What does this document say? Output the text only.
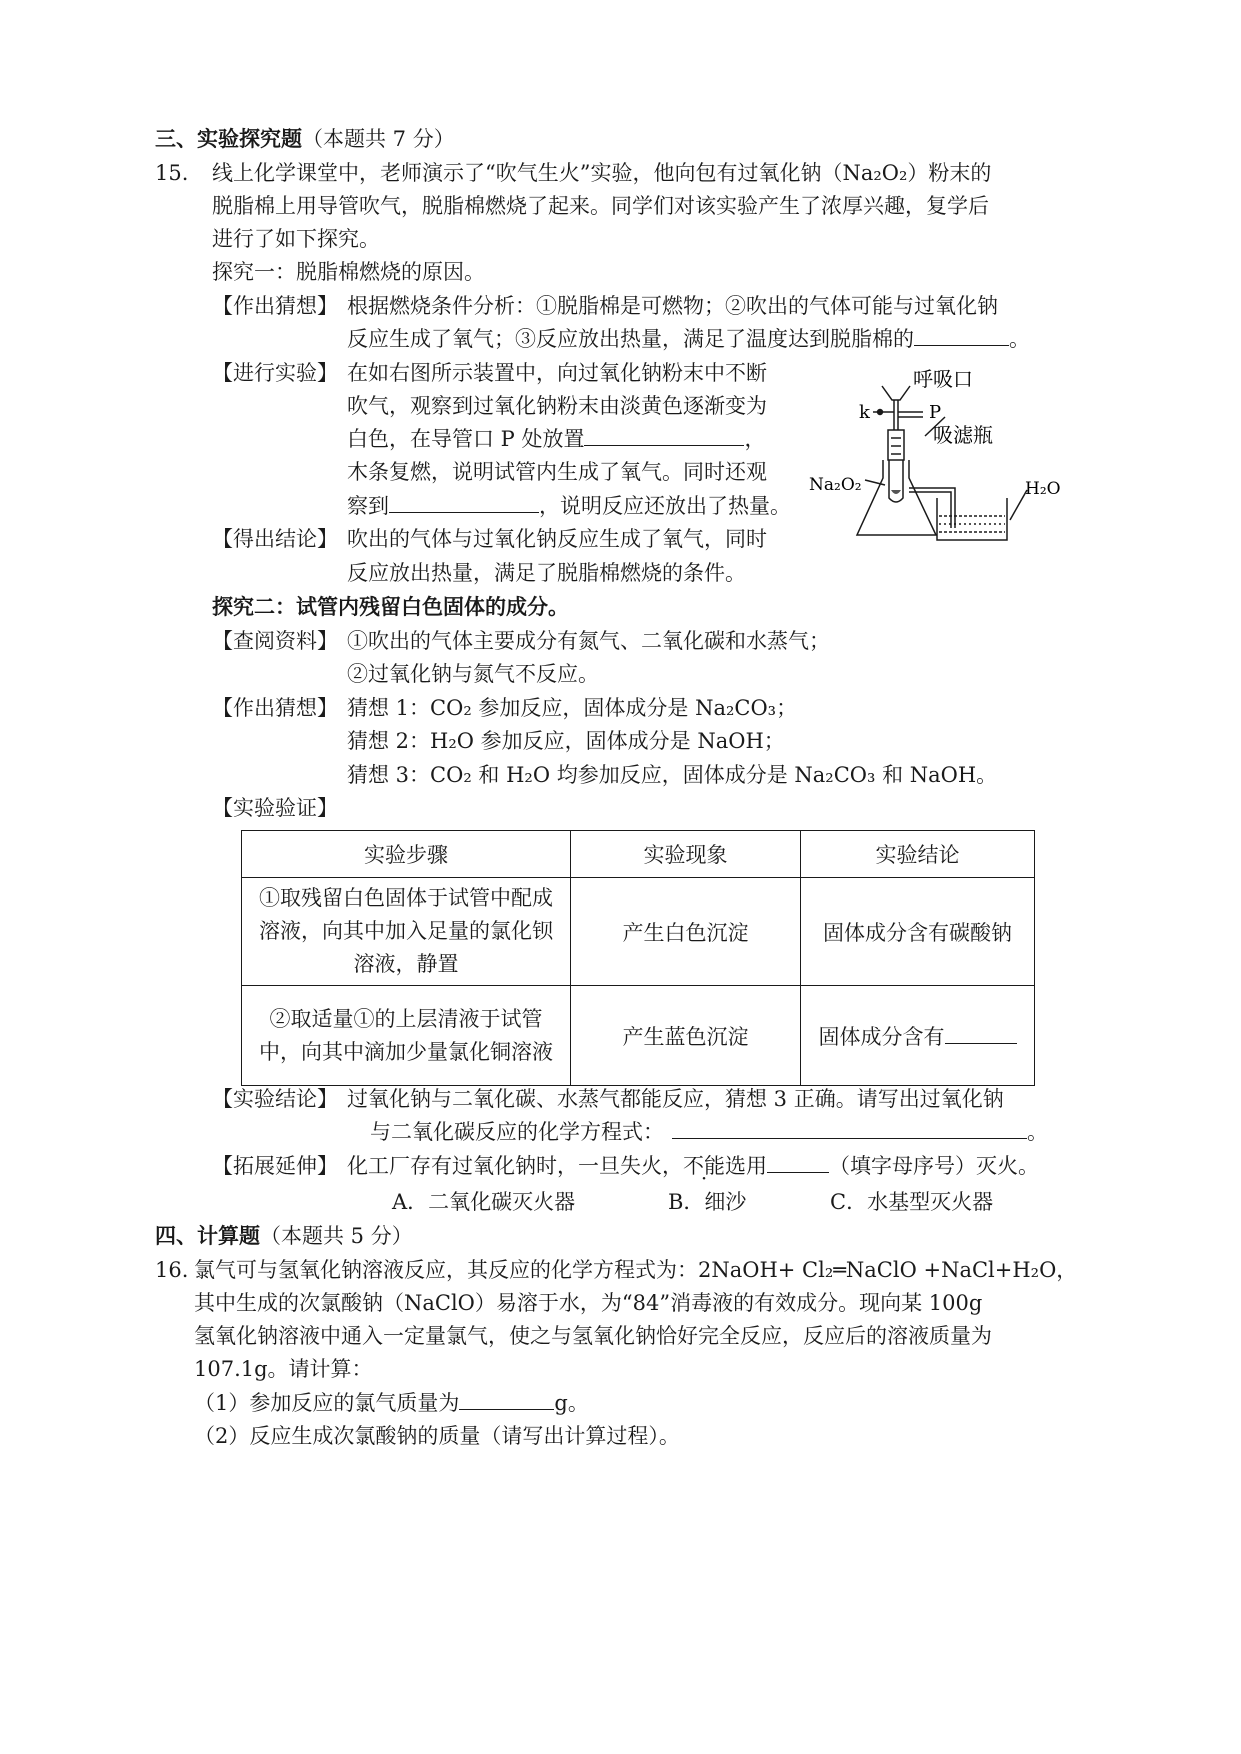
三、实验探究题（本题共 7 分）
15. 线上化学课堂中，老师演示了“吹气生火”实验，他向包有过氧化钠（Na₂O₂）粉末的
脱脂棉上用导管吹气，脱脂棉燃烧了起来。同学们对该实验产生了浓厚兴趣，复学后
进行了如下探究。
探究一：脱脂棉燃烧的原因。
【作出猜想】 根据燃烧条件分析：①脱脂棉是可燃物；②吹出的气体可能与过氧化钠
反应生成了氧气；③反应放出热量，满足了温度达到脱脂棉的	。
【进行实验】 在如右图所示装置中，向过氧化钠粉末中不断
吹气，观察到过氧化钠粉末由淡黄色逐渐变为
白色，在导管口 P 处放置	，
木条复燃，说明试管内生成了氧气。同时还观
察到	，说明反应还放出了热量。
【得出结论】 吹出的气体与过氧化钠反应生成了氧气，同时
反应放出热量，满足了脱脂棉燃烧的条件。
呼吸口
k	P
吸滤瓶
Na₂O₂	H₂O
探究二：试管内残留白色固体的成分。
【查阅资料】 ①吹出的气体主要成分有氮气、二氧化碳和水蒸气；
②过氧化钠与氮气不反应。
【作出猜想】 猜想 1：CO₂ 参加反应，固体成分是 Na₂CO₃；
猜想 2：H₂O 参加反应，固体成分是 NaOH；
猜想 3：CO₂ 和 H₂O 均参加反应，固体成分是 Na₂CO₃ 和 NaOH。
【实验验证】
实验步骤	实验现象	实验结论
①取残留白色固体于试管中配成溶液，向其中加入足量的氯化钡溶液，静置	产生白色沉淀	固体成分含有碳酸钠
②取适量①的上层清液于试管中，向其中滴加少量氯化铜溶液	产生蓝色沉淀	固体成分含有
【实验结论】 过氧化钠与二氧化碳、水蒸气都能反应，猜想 3 正确。请写出过氧化钠
与二氧化碳反应的化学方程式：	。
【拓展延伸】 化工厂存有过氧化钠时，一旦失火，不能选用	（填字母序号）灭火。
A．二氧化碳灭火器	B．细沙	C．水基型灭火器
四、计算题（本题共 5 分）
16. 氯气可与氢氧化钠溶液反应，其反应的化学方程式为：2NaOH+ Cl₂═NaClO +NaCl+H₂O，
其中生成的次氯酸钠（NaClO）易溶于水，为“84”消毒液的有效成分。现向某 100g
氢氧化钠溶液中通入一定量氯气，使之与氢氧化钠恰好完全反应，反应后的溶液质量为
107.1g。请计算：
（1）参加反应的氯气质量为	g。
（2）反应生成次氯酸钠的质量（请写出计算过程）。
